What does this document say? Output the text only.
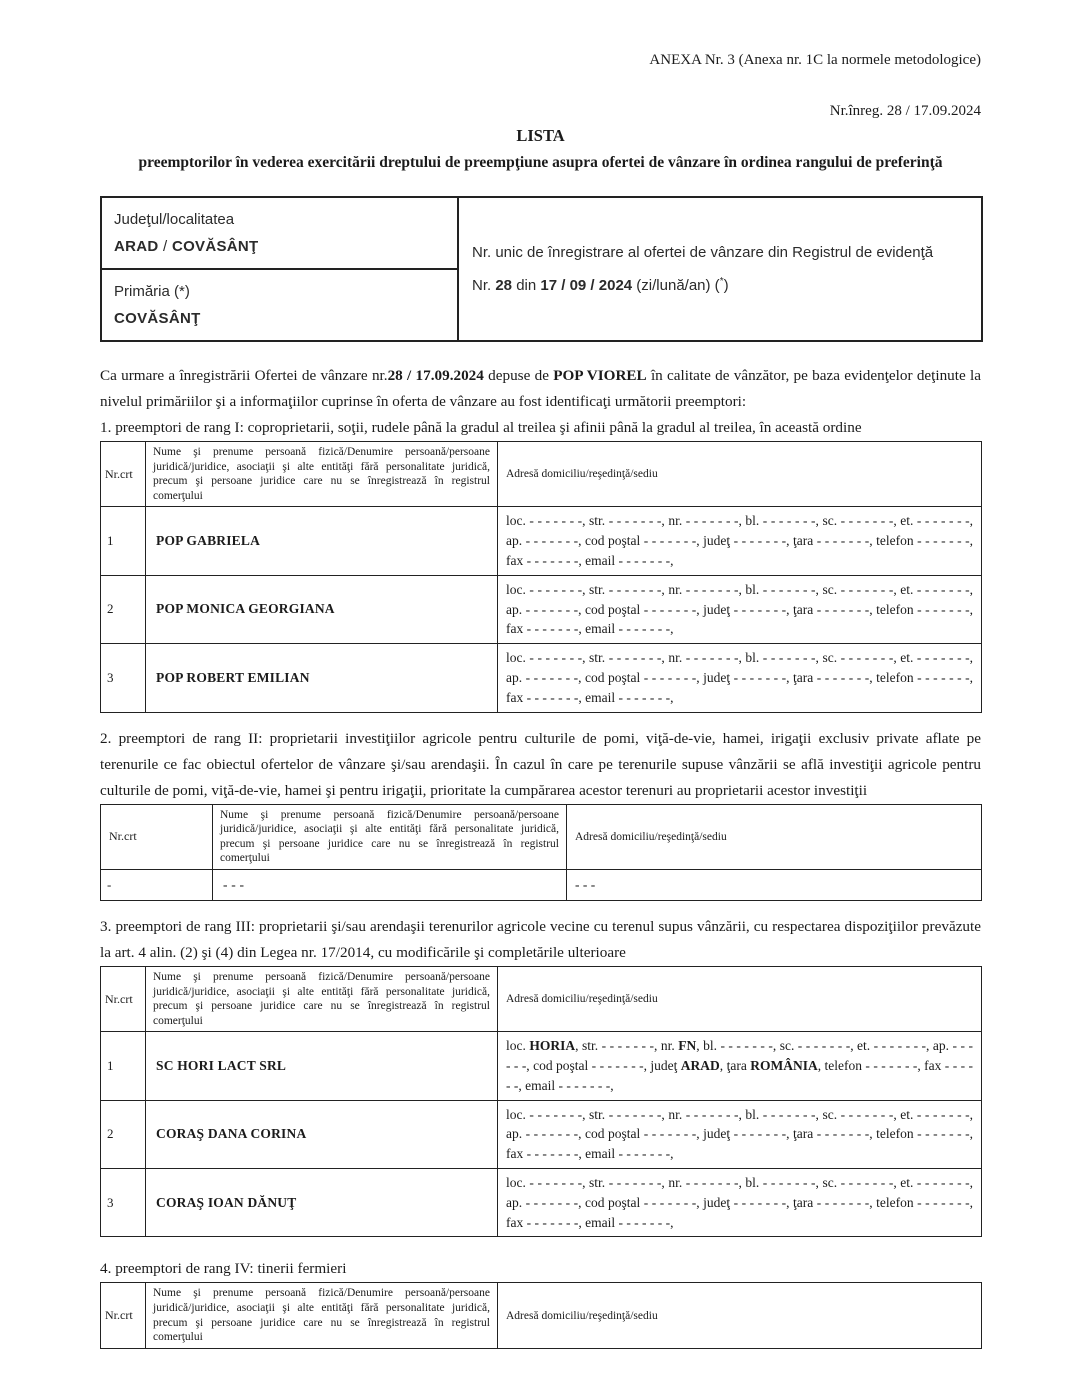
ANEXA Nr. 3 (Anexa nr. 1C la normele metodologice)
Nr.înreg. 28 / 17.09.2024
LISTA
preemptorilor în vederea exercitării dreptului de preempţiune asupra ofertei de vânzare în ordinea rangului de preferinţă
Judeţul/localitatea
ARAD / COVĂSÂNŢ	Nr. unic de înregistrare al ofertei de vânzare din Registrul de evidenţă
Nr. 28 din 17 / 09 / 2024 (zi/lună/an) (*)

Primăria (*)
COVĂSÂNŢ

Ca urmare a înregistrării Ofertei de vânzare nr.28 / 17.09.2024 depuse de POP VIOREL în calitate de vânzător, pe baza evidenţelor deţinute la nivelul primăriilor şi a informaţiilor cuprinse în oferta de vânzare au fost identificaţi următorii preemptori:

1. preemptori de rang I: coproprietarii, soţii, rudele până la gradul al treilea şi afinii până la gradul al treilea, în această ordine

Nr.crt	Nume şi prenume persoană fizică/Denumire persoană/persoane juridică/juridice, asociaţii şi alte entităţi fără personalitate juridică, precum şi persoane juridice care nu se înregistrează în registrul comerţului	Adresă domiciliu/reşedinţă/sediu
1	POP GABRIELA	loc. - - - - - - -, str. - - - - - - -, nr. - - - - - - -, bl. - - - - - - -, sc. - - - - - - -, et. - - - - - - -, ap. - - - - - - -, cod poştal - - - - - - -, judeţ - - - - - - -, ţara - - - - - - -, telefon - - - - - - -, fax - - - - - - -, email - - - - - - -,
2	POP MONICA GEORGIANA	loc. - - - - - - -, str. - - - - - - -, nr. - - - - - - -, bl. - - - - - - -, sc. - - - - - - -, et. - - - - - - -, ap. - - - - - - -, cod poştal - - - - - - -, judeţ - - - - - - -, ţara - - - - - - -, telefon - - - - - - -, fax - - - - - - -, email - - - - - - -,
3	POP ROBERT EMILIAN	loc. - - - - - - -, str. - - - - - - -, nr. - - - - - - -, bl. - - - - - - -, sc. - - - - - - -, et. - - - - - - -, ap. - - - - - - -, cod poştal - - - - - - -, judeţ - - - - - - -, ţara - - - - - - -, telefon - - - - - - -, fax - - - - - - -, email - - - - - - -,

2. preemptori de rang II: proprietarii investiţiilor agricole pentru culturile de pomi, viţă-de-vie, hamei, irigaţii exclusiv private aflate pe terenurile ce fac obiectul ofertelor de vânzare şi/sau arendaşii. În cazul în care pe terenurile supuse vânzării se află investiţii agricole pentru culturile de pomi, viţă-de-vie, hamei şi pentru irigaţii, prioritate la cumpărarea acestor terenuri au proprietarii acestor investiţii

Nr.crt	Nume şi prenume persoană fizică/Denumire persoană/persoane juridică/juridice, asociaţii şi alte entităţi fără personalitate juridică, precum şi persoane juridice care nu se înregistrează în registrul comerţului	Adresă domiciliu/reşedinţă/sediu
-	- - -	- - -

3. preemptori de rang III: proprietarii şi/sau arendaşii terenurilor agricole vecine cu terenul supus vânzării, cu respectarea dispoziţiilor prevăzute la art. 4 alin. (2) şi (4) din Legea nr. 17/2014, cu modificările şi completările ulterioare

Nr.crt	Nume şi prenume persoană fizică/Denumire persoană/persoane juridică/juridice, asociaţii şi alte entităţi fără personalitate juridică, precum şi persoane juridice care nu se înregistrează în registrul comerţului	Adresă domiciliu/reşedinţă/sediu
1	SC HORI LACT SRL	loc. HORIA, str. - - - - - - -, nr. FN, bl. - - - - - - -, sc. - - - - - - -, et. - - - - - - -, ap. - - - - - -, cod poştal - - - - - - -, judeţ ARAD, ţara ROMÂNIA, telefon - - - - - - -, fax - - - - - -, email - - - - - - -,
2	CORAŞ DANA CORINA	loc. - - - - - - -, str. - - - - - - -, nr. - - - - - - -, bl. - - - - - - -, sc. - - - - - - -, et. - - - - - - -, ap. - - - - - - -, cod poştal - - - - - - -, judeţ - - - - - - -, ţara - - - - - - -, telefon - - - - - - -, fax - - - - - - -, email - - - - - - -,
3	CORAŞ IOAN DĂNUŢ	loc. - - - - - - -, str. - - - - - - -, nr. - - - - - - -, bl. - - - - - - -, sc. - - - - - - -, et. - - - - - - -, ap. - - - - - - -, cod poştal - - - - - - -, judeţ - - - - - - -, ţara - - - - - - -, telefon - - - - - - -, fax - - - - - - -, email - - - - - - -,

4. preemptori de rang IV: tinerii fermieri

Nr.crt	Nume şi prenume persoană fizică/Denumire persoană/persoane juridică/juridice, asociaţii şi alte entităţi fără personalitate juridică, precum şi persoane juridice care nu se înregistrează în registrul comerţului	Adresă domiciliu/reşedinţă/sediu
